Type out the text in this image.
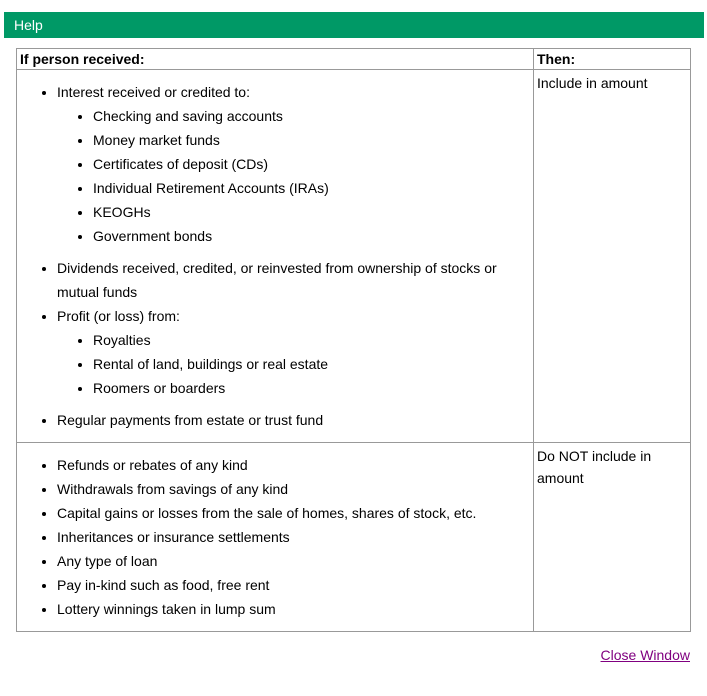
Help
If person received:	Then:

• Interest received or credited to:
• Checking and saving accounts
• Money market funds
• Certificates of deposit (CDs)
• Individual Retirement Accounts (IRAs)
• KEOGHs
• Government bonds
• Dividends received, credited, or reinvested from ownership of stocks or mutual funds
• Profit (or loss) from:
• Royalties
• Rental of land, buildings or real estate
• Roomers or boarders
• Regular payments from estate or trust fund
	Include in amount

• Refunds or rebates of any kind
• Withdrawals from savings of any kind
• Capital gains or losses from the sale of homes, shares of stock, etc.
• Inheritances or insurance settlements
• Any type of loan
• Pay in-kind such as food, free rent
• Lottery winnings taken in lump sum
	Do NOT include in amount
Close Window
